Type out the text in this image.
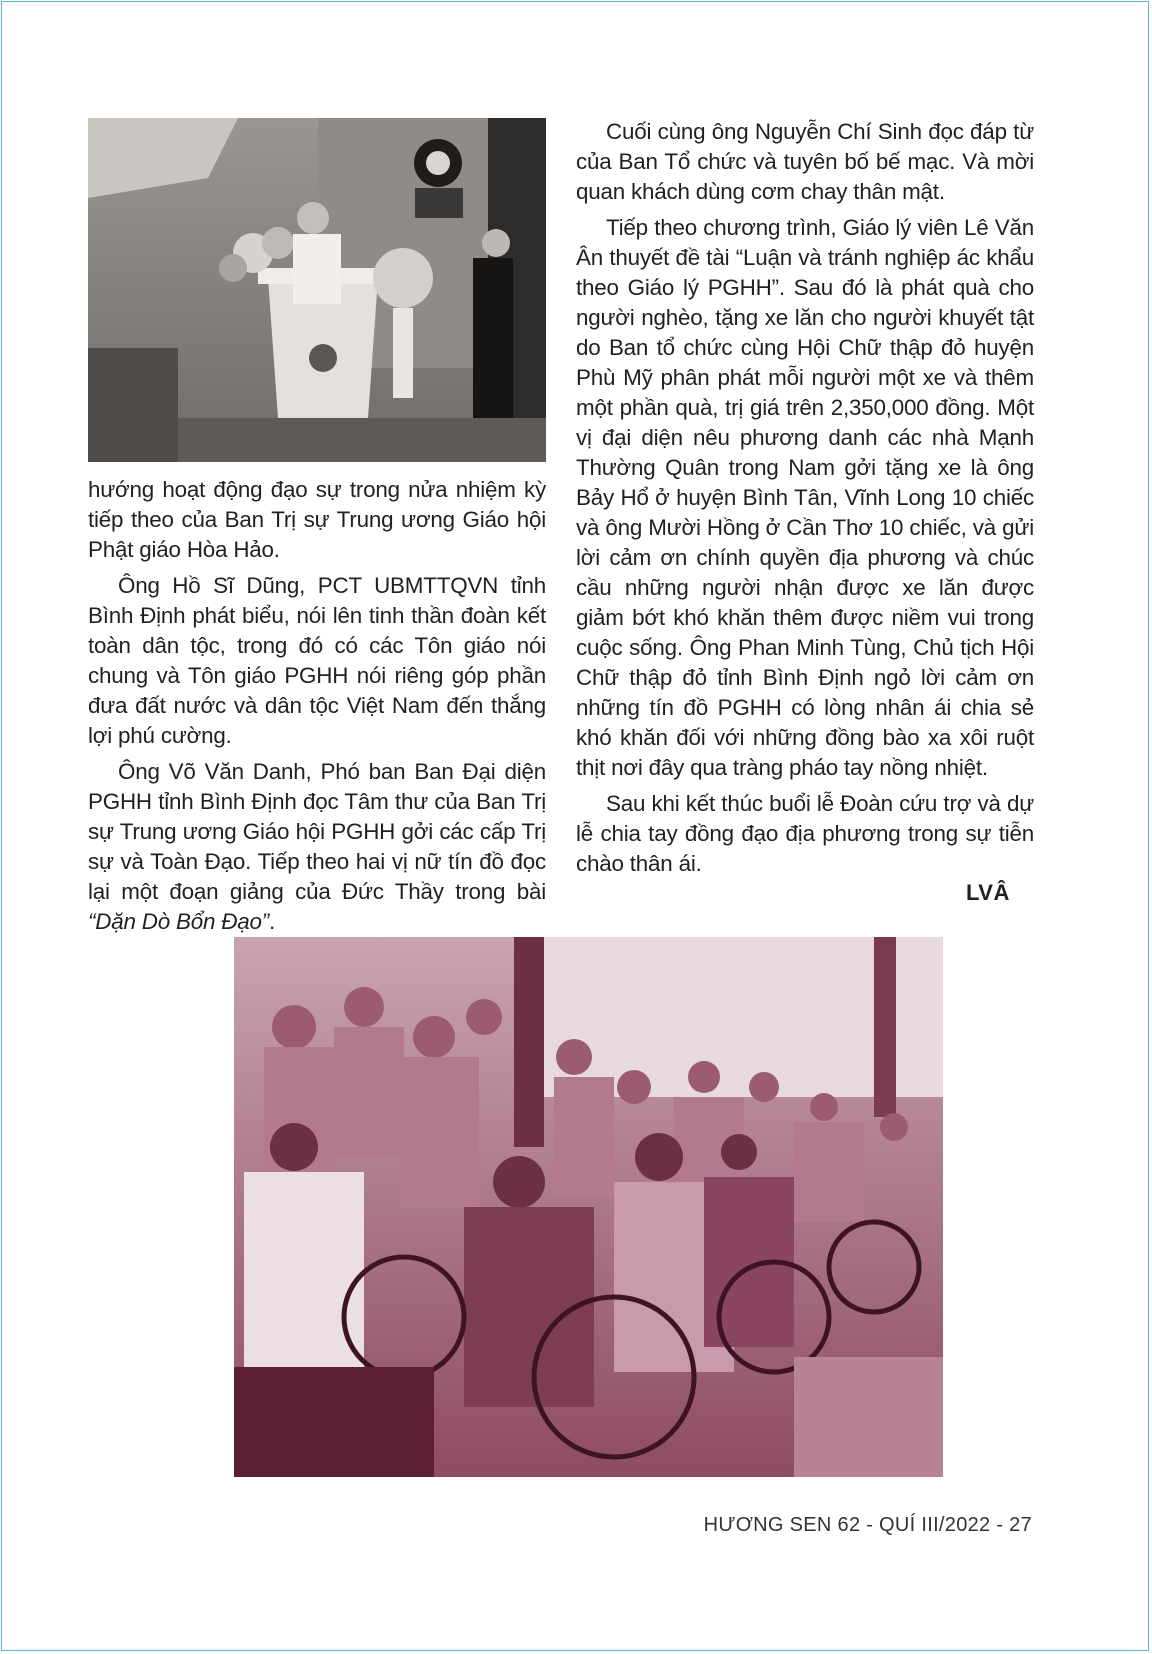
hướng hoạt động đạo sự trong nửa nhiệm kỳ tiếp theo của Ban Trị sự Trung ương Giáo hội Phật giáo Hòa Hảo.

Ông Hồ Sĩ Dũng, PCT UBMTTQVN tỉnh Bình Định phát biểu, nói lên tinh thần đoàn kết toàn dân tộc, trong đó có các Tôn giáo nói chung và Tôn giáo PGHH nói riêng góp phần đưa đất nước và dân tộc Việt Nam đến thắng lợi phú cường.

Ông Võ Văn Danh, Phó ban Ban Đại diện PGHH tỉnh Bình Định đọc Tâm thư của Ban Trị sự Trung ương Giáo hội PGHH gởi các cấp Trị sự và Toàn Đạo. Tiếp theo hai vị nữ tín đồ đọc lại một đoạn giảng của Đức Thầy trong bài “Dặn Dò Bổn Đạo”.

Cuối cùng ông Nguyễn Chí Sinh đọc đáp từ của Ban Tổ chức và tuyên bố bế mạc. Và mời quan khách dùng cơm chay thân mật.

Tiếp theo chương trình, Giáo lý viên Lê Văn Ân thuyết đề tài “Luận và tránh nghiệp ác khẩu theo Giáo lý PGHH”. Sau đó là phát quà cho người nghèo, tặng xe lăn cho người khuyết tật do Ban tổ chức cùng Hội Chữ thập đỏ huyện Phù Mỹ phân phát mỗi người một xe và thêm một phần quà, trị giá trên 2,350,000 đồng. Một vị đại diện nêu phương danh các nhà Mạnh Thường Quân trong Nam gởi tặng xe là ông Bảy Hổ ở huyện Bình Tân, Vĩnh Long 10 chiếc và ông Mười Hồng ở Cần Thơ 10 chiếc, và gửi lời cảm ơn chính quyền địa phương và chúc cầu những người nhận được xe lăn được giảm bớt khó khăn thêm được niềm vui trong cuộc sống. Ông Phan Minh Tùng, Chủ tịch Hội Chữ thập đỏ tỉnh Bình Định ngỏ lời cảm ơn những tín đồ PGHH có lòng nhân ái chia sẻ khó khăn đối với những đồng bào xa xôi ruột thịt nơi đây qua tràng pháo tay nồng nhiệt.

Sau khi kết thúc buổi lễ Đoàn cứu trợ và dự lễ chia tay đồng đạo địa phương trong sự tiễn chào thân ái.

LVÂ
HƯƠNG SEN 62 - QUÍ III/2022 - 27
